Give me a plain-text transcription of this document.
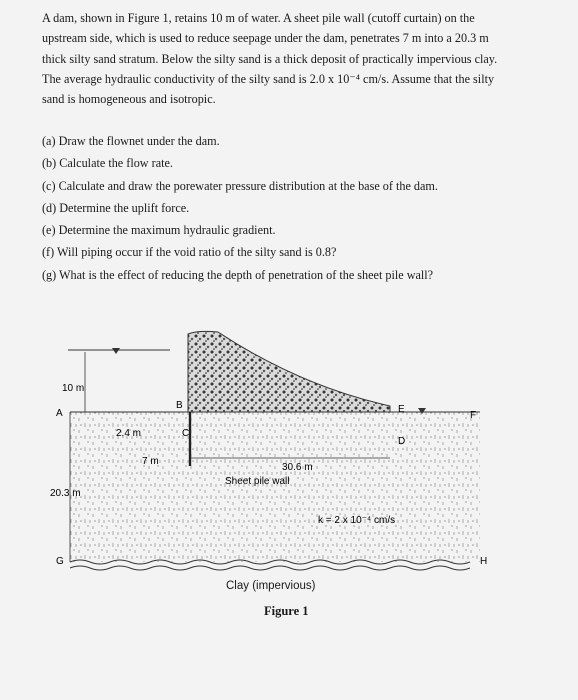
A dam, shown in Figure 1, retains 10 m of water. A sheet pile wall (cutoff curtain) on the
upstream side, which is used to reduce seepage under the dam, penetrates 7 m into a 20.3 m
thick silty sand stratum. Below the silty sand is a thick deposit of practically impervious clay.
The average hydraulic conductivity of the silty sand is 2.0 x 10⁻⁴ cm/s. Assume that the silty
sand is homogeneous and isotropic.
(a) Draw the flownet under the dam.
(b) Calculate the flow rate.
(c) Calculate and draw the porewater pressure distribution at the base of the dam.
(d) Determine the uplift force.
(e) Determine the maximum hydraulic gradient.
(f) Will piping occur if the void ratio of the silty sand is 0.8?
(g) What is the effect of reducing the depth of penetration of the sheet pile wall?
10 m
A
B
C
D
E
F
G	H
2.4 m
7 m
30.6 m
Sheet pile wall
20.3 m
k = 2 x 10⁻⁴ cm/s
Clay (impervious)
Figure 1
